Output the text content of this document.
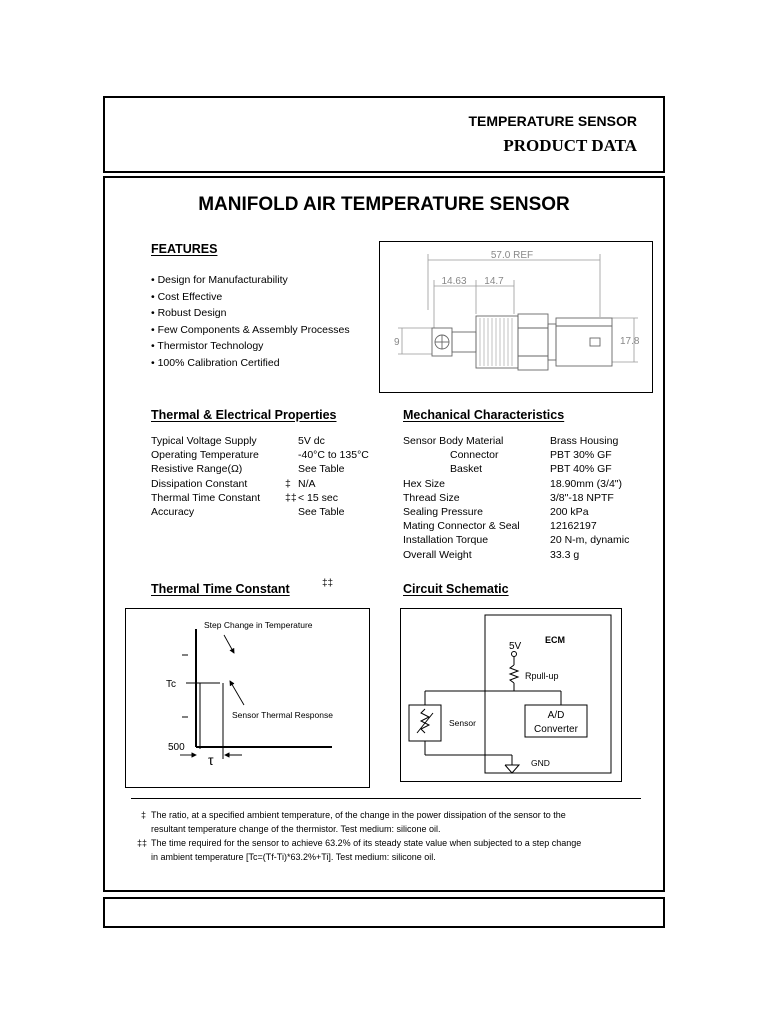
TEMPERATURE SENSOR
PRODUCT DATA
MANIFOLD AIR TEMPERATURE SENSOR
FEATURES
• Design for Manufacturability
• Cost Effective
• Robust Design
• Few Components & Assembly Processes
• Thermistor Technology
• 100% Calibration Certified
57.0 REF
14.63 14.7
9	17.8
Thermal & Electrical Properties
Typical Voltage Supply	5V dc
Operating Temperature	-40°C to 135°C
Resistive Range(Ω)	See Table
Dissipation Constant	‡ N/A
Thermal Time Constant ‡‡< 15 sec
Accuracy	See Table
Mechanical Characteristics
Sensor Body Material	Brass Housing
Connector	PBT 30% GF
Basket	PBT 40% GF
Hex Size	18.90mm (3/4")
Thread Size	3/8"-18 NPTF
Sealing Pressure	200 kPa
Mating Connector & Seal	12162197
Installation Torque	20 N-m, dynamic
Overall Weight	33.3 g
Thermal Time Constant	‡‡	Circuit Schematic
Step Change in Temperature
Tc
Sensor Thermal Response
500
τ
5V
ECM
Rpull-up
Sensor
A/D
Converter
GND
‡ The ratio, at a specified ambient temperature, of the change in the power dissipation of the sensor to the
resultant temperature change of the thermistor. Test medium: silicone oil.
‡‡ The time required for the sensor to achieve 63.2% of its steady state value when subjected to a step change
in ambient temperature [Tc=(Tf-Ti)*63.2%+Ti]. Test medium: silicone oil.
